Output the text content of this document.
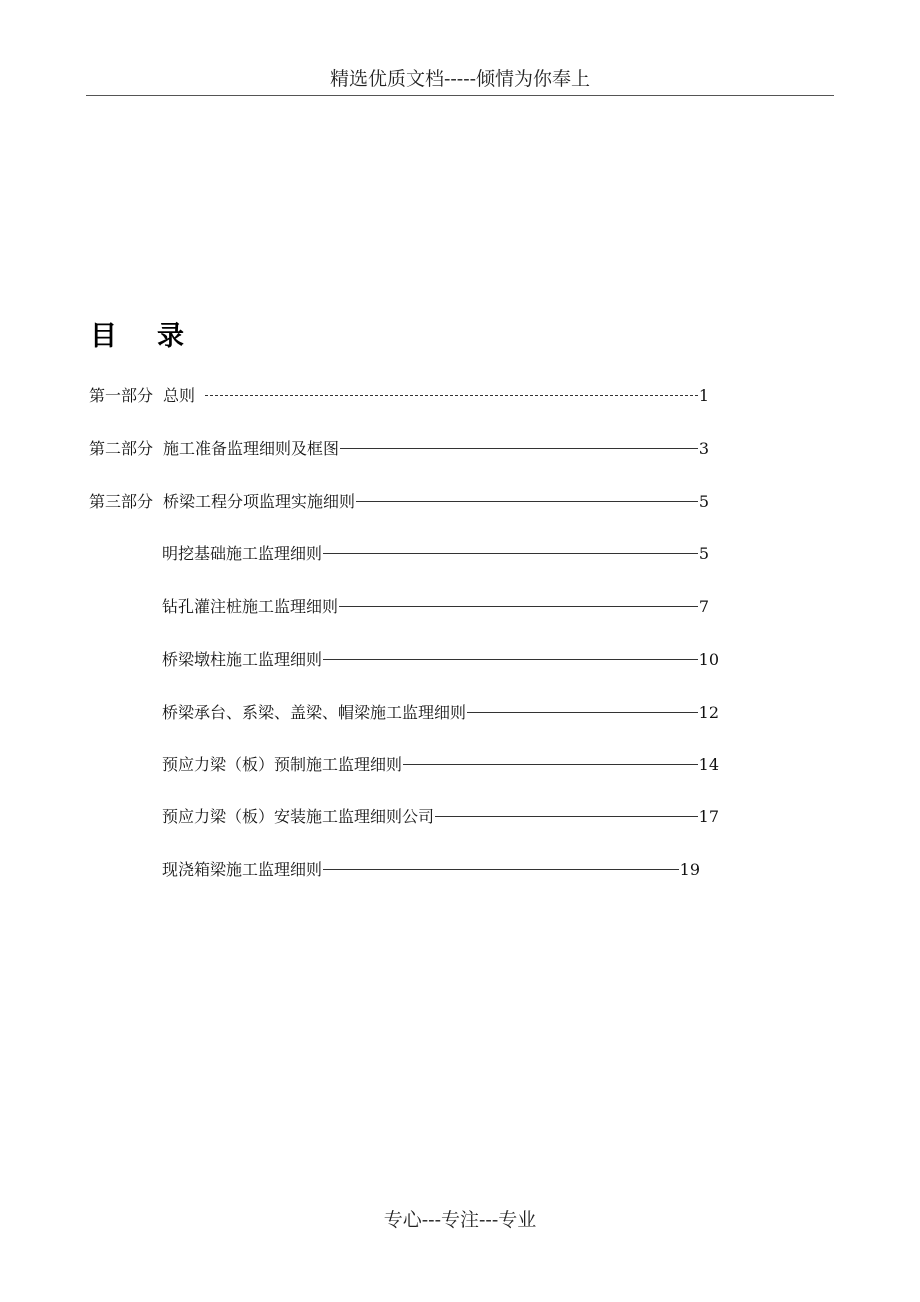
精选优质文档-----倾情为你奉上
目 录
第一部分 总则	1
第二部分 施工准备监理细则及框图	3
第三部分 桥梁工程分项监理实施细则	5
明挖基础施工监理细则	5
钻孔灌注桩施工监理细则	7
桥梁墩柱施工监理细则	10
桥梁承台、系梁、盖梁、帽梁施工监理细则	12
预应力梁（板）预制施工监理细则	14
预应力梁（板）安装施工监理细则公司	17
现浇箱梁施工监理细则	19
专心---专注---专业
